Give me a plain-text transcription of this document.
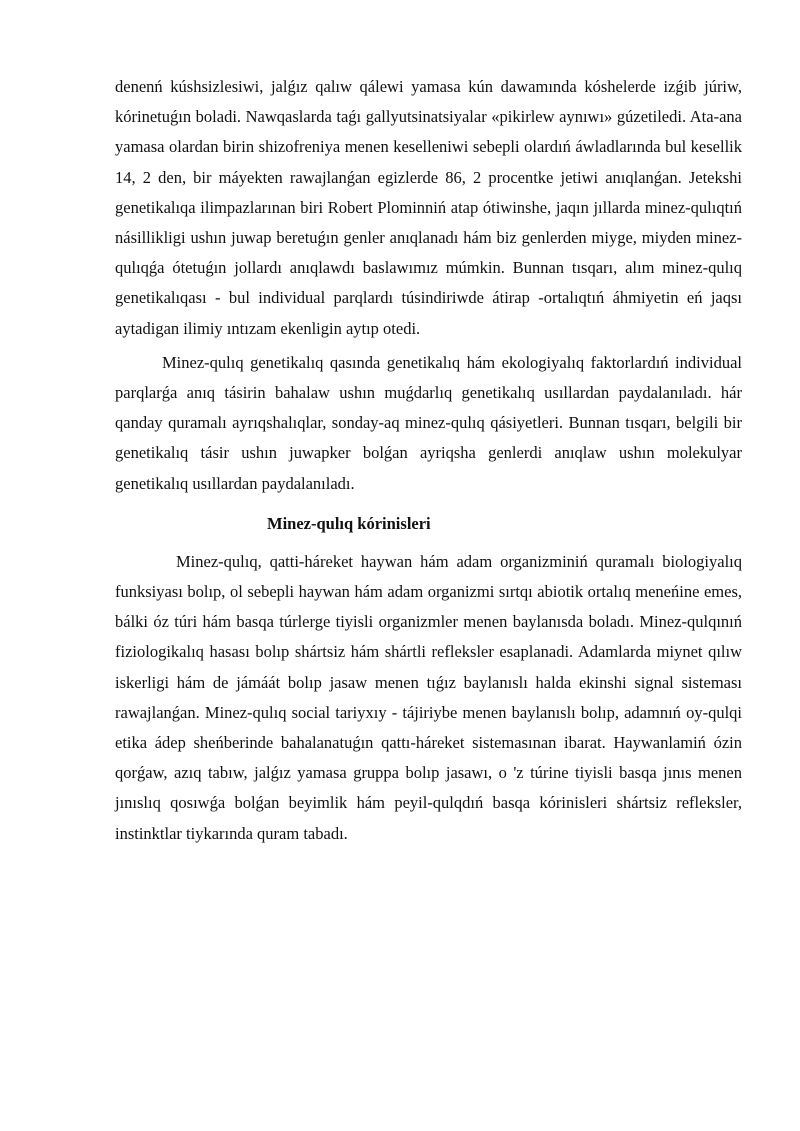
denenń kúshsizlesiwi, jalǵız qalıw qálewi yamasa kún dawamında kóshelerde izǵib júriw, kórinetuǵın boladi. Nawqaslarda taǵı gallyutsinatsiyalar «pikirlew aynıwı» gúzetiledi. Ata-ana yamasa olardan birin shizofreniya menen keselleniwi sebepli olardıń áwladlarında bul kesellik 14, 2 den, bir máyekten rawajlanǵan egizlerde 86, 2 procentke jetiwi anıqlanǵan. Jetekshi genetikalıqa ilimpazlarınan biri Robert Plominniń atap ótiwinshe, jaqın jıllarda minez-qulıqtıń násillikligi ushın juwap beretuǵın genler anıqlanadı hám biz genlerden miyge, miyden minez-qulıqǵa ótetuǵın jollardı anıqlawdı baslawımız múmkin. Bunnan tısqarı, alım minez-qulıq genetikalıqası - bul individual parqlardı túsindiriwde átirap -ortalıqtıń áhmiyetin eń jaqsı aytadigan ilimiy ıntızam ekenligin aytıp otedi.

Minez-qulıq genetikalıq qasında genetikalıq hám ekologiyalıq faktorlardıń individual parqlarǵa anıq tásirin bahalaw ushın muǵdarlıq genetikalıq usıllardan paydalanıladı. hár qanday quramalı ayrıqshalıqlar, sonday-aq minez-qulıq qásiyetleri. Bunnan tısqarı, belgili bir genetikalıq tásir ushın juwapker bolǵan ayriqsha genlerdi anıqlaw ushın molekulyar genetikalıq usıllardan paydalanıladı.

Minez-qulıq kórinisleri

Minez-qulıq, qatti-háreket haywan hám adam organizminiń quramalı biologiyalıq funksiyası bolıp, ol sebepli haywan hám adam organizmi sırtqı abiotik ortalıq meneńine emes, bálki óz túri hám basqa túrlerge tiyisli organizmler menen baylanısda boladı. Minez-qulqınıń fiziologikalıq hasası bolıp shártsiz hám shártli refleksler esaplanadi. Adamlarda miynet qılıw iskerligi hám de jámáát bolıp jasaw menen tıǵız baylanıslı halda ekinshi signal sisteması rawajlanǵan. Minez-qulıq social tariyxıy - tájiriybe menen baylanıslı bolıp, adamnıń oy-qulqi etika ádep sheńberinde bahalanatuǵın qattı-háreket sistemasınan ibarat. Haywanlamiń ózin qorǵaw, azıq tabıw, jalǵız yamasa gruppa bolıp jasawı, o 'z túrine tiyisli basqa jınıs menen jınıslıq qosıwǵa bolǵan beyimlik hám peyil-qulqdıń basqa kórinisleri shártsiz refleksler, instinktlar tiykarında quram tabadı.
